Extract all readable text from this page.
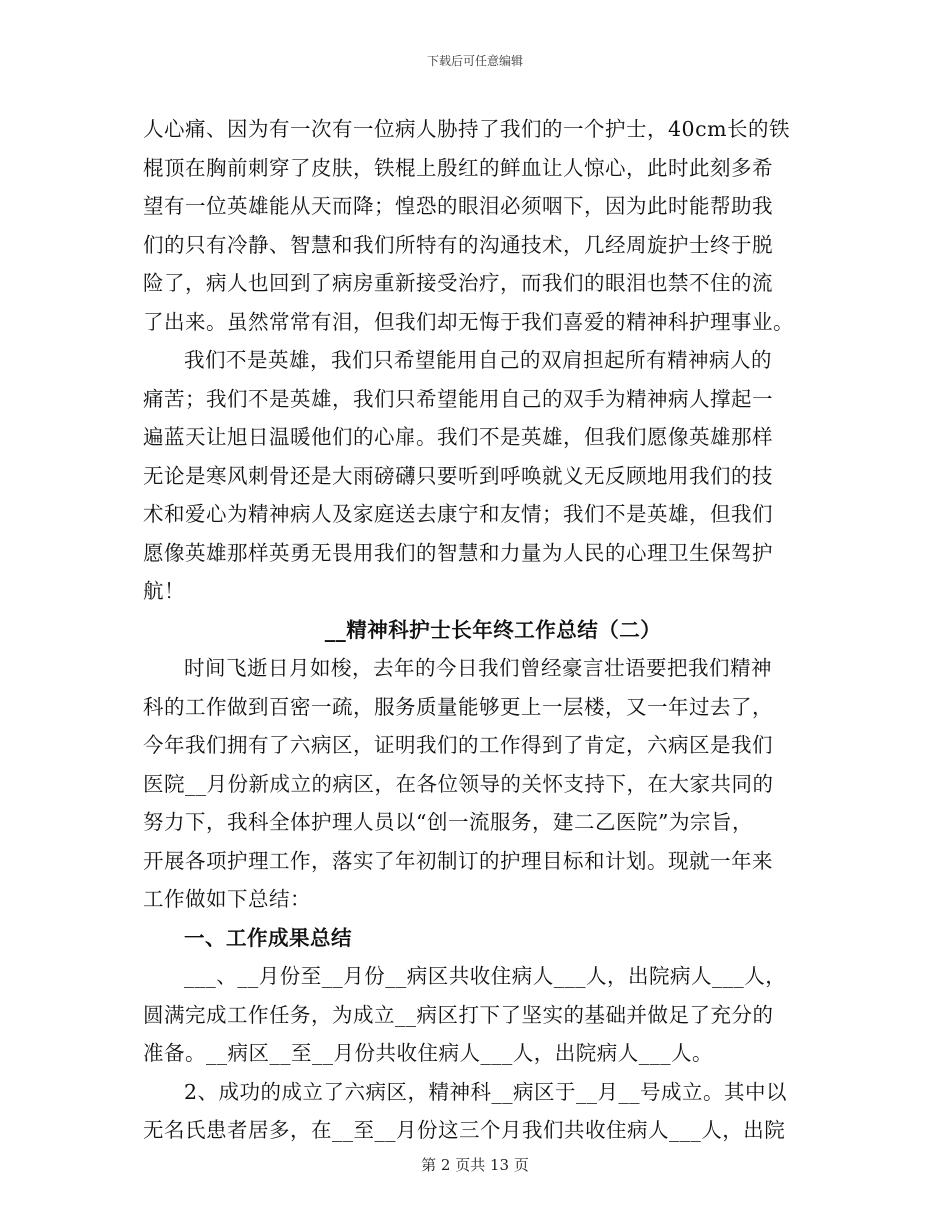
下载后可任意编辑
人心痛、因为有一次有一位病人胁持了我们的一个护士，40cm长的铁
棍顶在胸前刺穿了皮肤，铁棍上殷红的鲜血让人惊心，此时此刻多希
望有一位英雄能从天而降；惶恐的眼泪必须咽下，因为此时能帮助我
们的只有冷静、智慧和我们所特有的沟通技术，几经周旋护士终于脱
险了，病人也回到了病房重新接受治疗，而我们的眼泪也禁不住的流
了出来。虽然常常有泪，但我们却无悔于我们喜爱的精神科护理事业。
我们不是英雄，我们只希望能用自己的双肩担起所有精神病人的
痛苦；我们不是英雄，我们只希望能用自己的双手为精神病人撑起一
遍蓝天让旭日温暖他们的心扉。我们不是英雄，但我们愿像英雄那样
无论是寒风刺骨还是大雨磅礴只要听到呼唤就义无反顾地用我们的技
术和爱心为精神病人及家庭送去康宁和友情；我们不是英雄，但我们
愿像英雄那样英勇无畏用我们的智慧和力量为人民的心理卫生保驾护
航！
__精神科护士长年终工作总结（二）
时间飞逝日月如梭，去年的今日我们曾经豪言壮语要把我们精神
科的工作做到百密一疏，服务质量能够更上一层楼，又一年过去了，
今年我们拥有了六病区，证明我们的工作得到了肯定，六病区是我们
医院__月份新成立的病区，在各位领导的关怀支持下，在大家共同的
努力下，我科全体护理人员以“创一流服务，建二乙医院”为宗旨，
开展各项护理工作，落实了年初制订的护理目标和计划。现就一年来
工作做如下总结：
一、工作成果总结
___、__月份至__月份__病区共收住病人___人，出院病人___人，
圆满完成工作任务，为成立__病区打下了坚实的基础并做足了充分的
准备。__病区__至__月份共收住病人___人，出院病人___人。
2、成功的成立了六病区，精神科__病区于__月__号成立。其中以
无名氏患者居多，在__至__月份这三个月我们共收住病人___人，出院
第 2 页共 13 页
